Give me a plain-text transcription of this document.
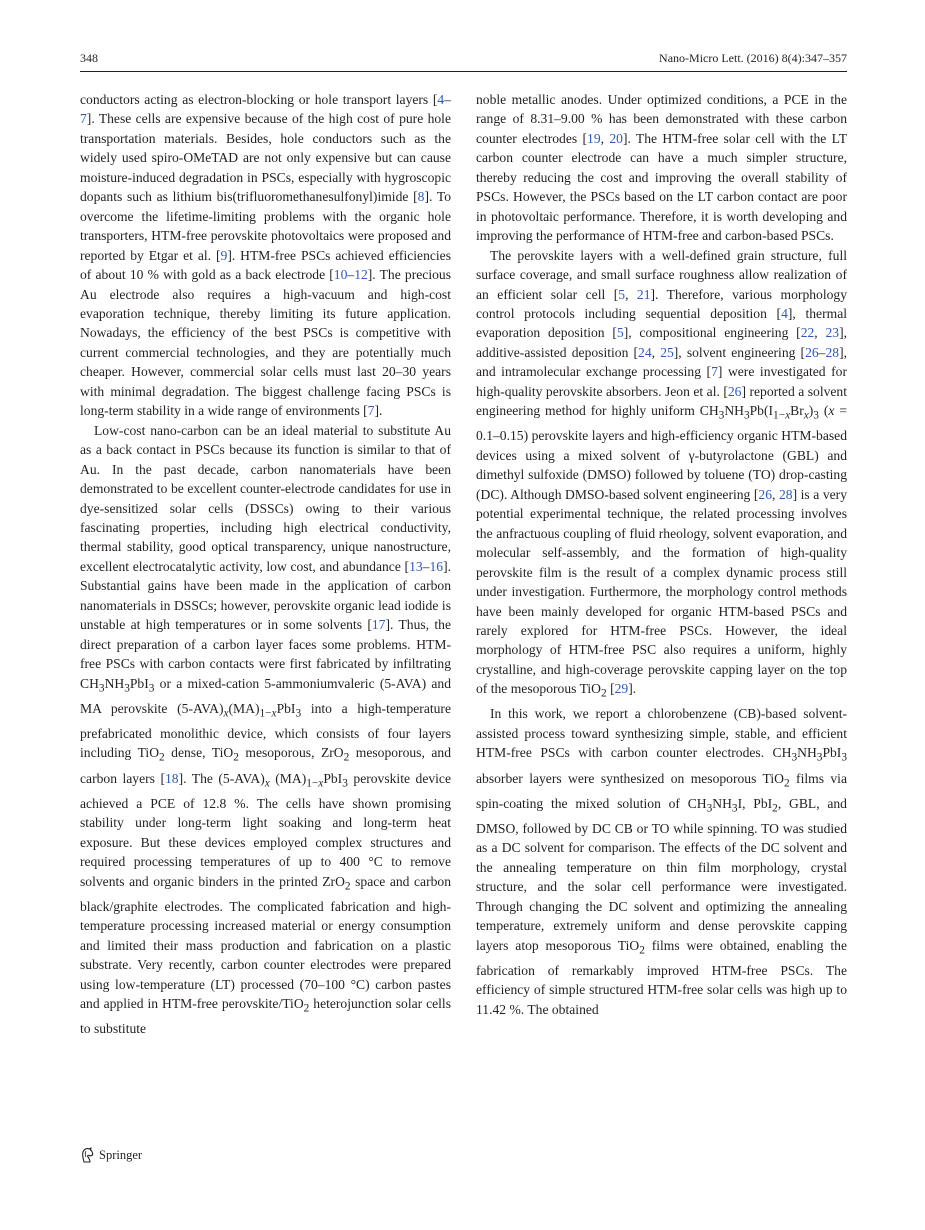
348	Nano-Micro Lett. (2016) 8(4):347–357

conductors acting as electron-blocking or hole transport layers [4–7]. These cells are expensive because of the high cost of pure hole transportation materials. Besides, hole conductors such as the widely used spiro-OMeTAD are not only expensive but can cause moisture-induced degradation in PSCs, especially with hygroscopic dopants such as lithium bis(trifluoromethanesulfonyl)imide [8]. To overcome the lifetime-limiting problems with the organic hole transporters, HTM-free perovskite photovoltaics were proposed and reported by Etgar et al. [9]. HTM-free PSCs achieved efficiencies of about 10 % with gold as a back electrode [10–12]. The precious Au electrode also requires a high-vacuum and high-cost evaporation technique, thereby limiting its future application. Nowadays, the efficiency of the best PSCs is competitive with current commercial technologies, and they are potentially much cheaper. However, commercial solar cells must last 20–30 years with minimal degradation. The biggest challenge facing PSCs is long-term stability in a wide range of environments [7].

Low-cost nano-carbon can be an ideal material to substitute Au as a back contact in PSCs because its function is similar to that of Au. In the past decade, carbon nanomaterials have been demonstrated to be excellent counter-electrode candidates for use in dye-sensitized solar cells (DSSCs) owing to their various fascinating properties, including high electrical conductivity, thermal stability, good optical transparency, unique nanostructure, excellent electrocatalytic activity, low cost, and abundance [13–16]. Substantial gains have been made in the application of carbon nanomaterials in DSSCs; however, perovskite organic lead iodide is unstable at high temperatures or in some solvents [17]. Thus, the direct preparation of a carbon layer faces some problems. HTM-free PSCs with carbon contacts were first fabricated by infiltrating $CH_3NH_3PbI_3$ or a mixed-cation 5-ammoniumvaleric (5-AVA) and MA perovskite $(5-AVA)_x(MA)_{1-x}PbI_3$ into a high-temperature prefabricated monolithic device, which consists of four layers including TiO$_2$ dense, TiO$_2$ mesoporous, ZrO$_2$ mesoporous, and carbon layers [18]. The $(5-AVA)_x$ $(MA)_{1-x}PbI_3$ perovskite device achieved a PCE of 12.8 %. The cells have shown promising stability under long-term light soaking and long-term heat exposure. But these devices employed complex structures and required processing temperatures of up to 400 °C to remove solvents and organic binders in the printed ZrO$_2$ space and carbon black/graphite electrodes. The complicated fabrication and high-temperature processing increased material or energy consumption and limited their mass production and fabrication on a plastic substrate. Very recently, carbon counter electrodes were prepared using low-temperature (LT) processed (70–100 °C) carbon pastes and applied in HTM-free perovskite/TiO$_2$ heterojunction solar cells to substitute

noble metallic anodes. Under optimized conditions, a PCE in the range of 8.31–9.00 % has been demonstrated with these carbon counter electrodes [19, 20]. The HTM-free solar cell with the LT carbon counter electrode can have a much simpler structure, thereby reducing the cost and improving the overall stability of PSCs. However, the PSCs based on the LT carbon contact are poor in photovoltaic performance. Therefore, it is worth developing and improving the performance of HTM-free and carbon-based PSCs.

The perovskite layers with a well-defined grain structure, full surface coverage, and small surface roughness allow realization of an efficient solar cell [5, 21]. Therefore, various morphology control protocols including sequential deposition [4], thermal evaporation deposition [5], compositional engineering [22, 23], additive-assisted deposition [24, 25], solvent engineering [26–28], and intramolecular exchange processing [7] were investigated for high-quality perovskite absorbers. Jeon et al. [26] reported a solvent engineering method for highly uniform $CH_3NH_3Pb(I_{1-x}Br_x)_3$ (x = 0.1–0.15) perovskite layers and high-efficiency organic HTM-based devices using a mixed solvent of γ-butyrolactone (GBL) and dimethyl sulfoxide (DMSO) followed by toluene (TO) drop-casting (DC). Although DMSO-based solvent engineering [26, 28] is a very potential experimental technique, the related processing involves the anfractuous coupling of fluid rheology, solvent evaporation, and molecular self-assembly, and the formation of high-quality perovskite film is the result of a complex dynamic process still under investigation. Furthermore, the morphology control methods have been mainly developed for organic HTM-based PSCs and rarely explored for HTM-free PSCs. However, the ideal morphology of HTM-free PSC also requires a uniform, highly crystalline, and high-coverage perovskite capping layer on the top of the mesoporous TiO$_2$ [29].

In this work, we report a chlorobenzene (CB)-based solvent-assisted process toward synthesizing simple, stable, and efficient HTM-free PSCs with carbon counter electrodes. $CH_3NH_3PbI_3$ absorber layers were synthesized on mesoporous TiO$_2$ films via spin-coating the mixed solution of $CH_3NH_3I$, PbI$_2$, GBL, and DMSO, followed by DC CB or TO while spinning. TO was studied as a DC solvent for comparison. The effects of the DC solvent and the annealing temperature on thin film morphology, crystal structure, and the solar cell performance were investigated. Through changing the DC solvent and optimizing the annealing temperature, extremely uniform and dense perovskite capping layers atop mesoporous TiO$_2$ films were obtained, enabling the fabrication of remarkably improved HTM-free PSCs. The efficiency of simple structured HTM-free solar cells was high up to 11.42 %. The obtained

Springer
